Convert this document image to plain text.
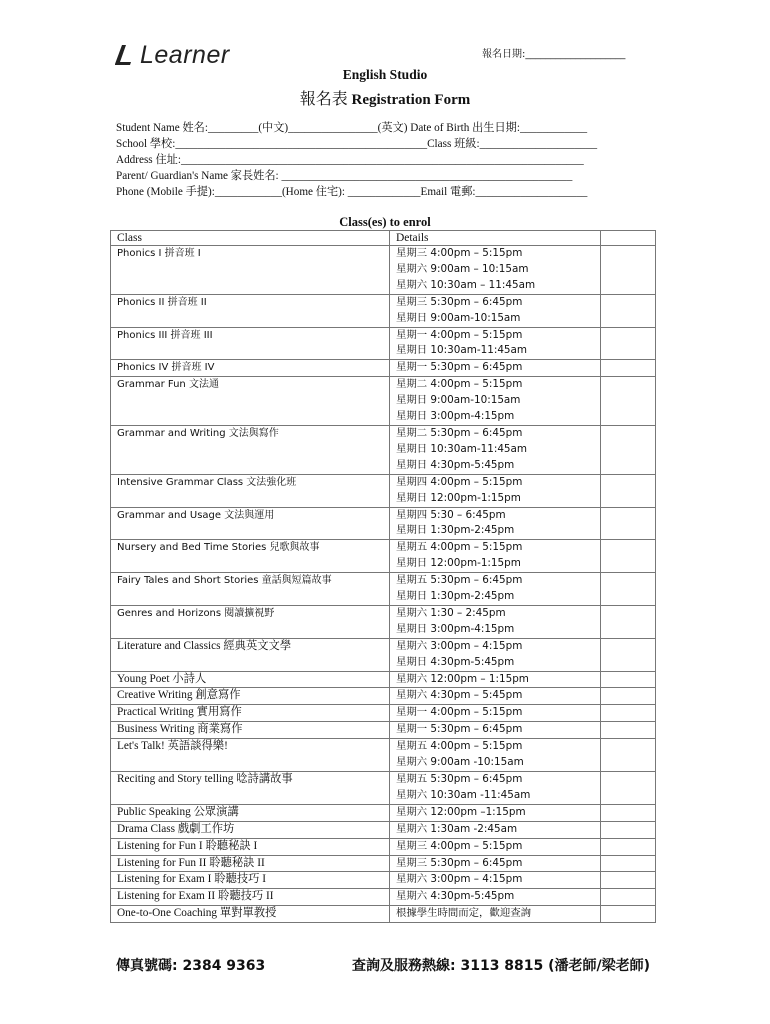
Learner	報名日期:____________________
English Studio
報名表 Registration Form
Student Name 姓名:_________(中文)________________(英文) Date of Birth 出生日期:____________
School 學校:_____________________________________________Class 班級:_____________________
Address 住址:________________________________________________________________________
Parent/ Guardian's Name 家長姓名: ____________________________________________________
Phone (Mobile 手提):____________(Home 住宅): _____________Email 電郵:____________________
Class(es) to enrol
Class	Details	
Phonics I 拼音班 I	星期三 4:00pm – 5:15pm
星期六 9:00am – 10:15am
星期六 10:30am – 11:45am	

Phonics II 拼音班 II	星期三 5:30pm – 6:45pm
星期日 9:00am-10:15am	

Phonics III 拼音班 III	星期一 4:00pm – 5:15pm
星期日 10:30am-11:45am	

Phonics IV 拼音班 IV	星期一 5:30pm – 6:45pm	

Grammar Fun 文法通	星期二 4:00pm – 5:15pm
星期日 9:00am-10:15am
星期日 3:00pm-4:15pm	

Grammar and Writing 文法與寫作	星期二 5:30pm – 6:45pm
星期日 10:30am-11:45am
星期日 4:30pm-5:45pm	

Intensive Grammar Class 文法強化班	星期四 4:00pm – 5:15pm
星期日 12:00pm-1:15pm	

Grammar and Usage 文法與運用	星期四 5:30 – 6:45pm
星期日 1:30pm-2:45pm	

Nursery and Bed Time Stories 兒歌與故事	星期五 4:00pm – 5:15pm
星期日 12:00pm-1:15pm	

Fairy Tales and Short Stories 童話與短篇故事	星期五 5:30pm – 6:45pm
星期日 1:30pm-2:45pm	

Genres and Horizons 閱讀擴視野	星期六 1:30 – 2:45pm
星期日 3:00pm-4:15pm	

Literature and Classics 經典英文文學	星期六 3:00pm – 4:15pm
星期日 4:30pm-5:45pm	

Young Poet 小詩人	星期六 12:00pm – 1:15pm	

Creative Writing 創意寫作	星期六 4:30pm – 5:45pm	

Practical Writing 實用寫作	星期一 4:00pm – 5:15pm	

Business Writing 商業寫作	星期一 5:30pm – 6:45pm	

Let's Talk! 英語談得樂!	星期五 4:00pm – 5:15pm
星期六 9:00am -10:15am	

Reciting and Story telling 唸詩講故事	星期五 5:30pm – 6:45pm
星期六 10:30am -11:45am	

Public Speaking 公眾演講	星期六 12:00pm –1:15pm	

Drama Class 戲劇工作坊	星期六 1:30am -2:45am	

Listening for Fun I 聆聽秘訣 I	星期三 4:00pm – 5:15pm	

Listening for Fun II 聆聽秘訣 II	星期三 5:30pm – 6:45pm	

Listening for Exam I 聆聽技巧 I	星期六 3:00pm – 4:15pm	

Listening for Exam II 聆聽技巧 II	星期六 4:30pm-5:45pm	

One-to-One Coaching 單對單教授	根據學生時間而定，歡迎查詢	

傳真號碼: 2384 9363	查詢及服務熱線: 3113 8815 (潘老師/梁老師)
